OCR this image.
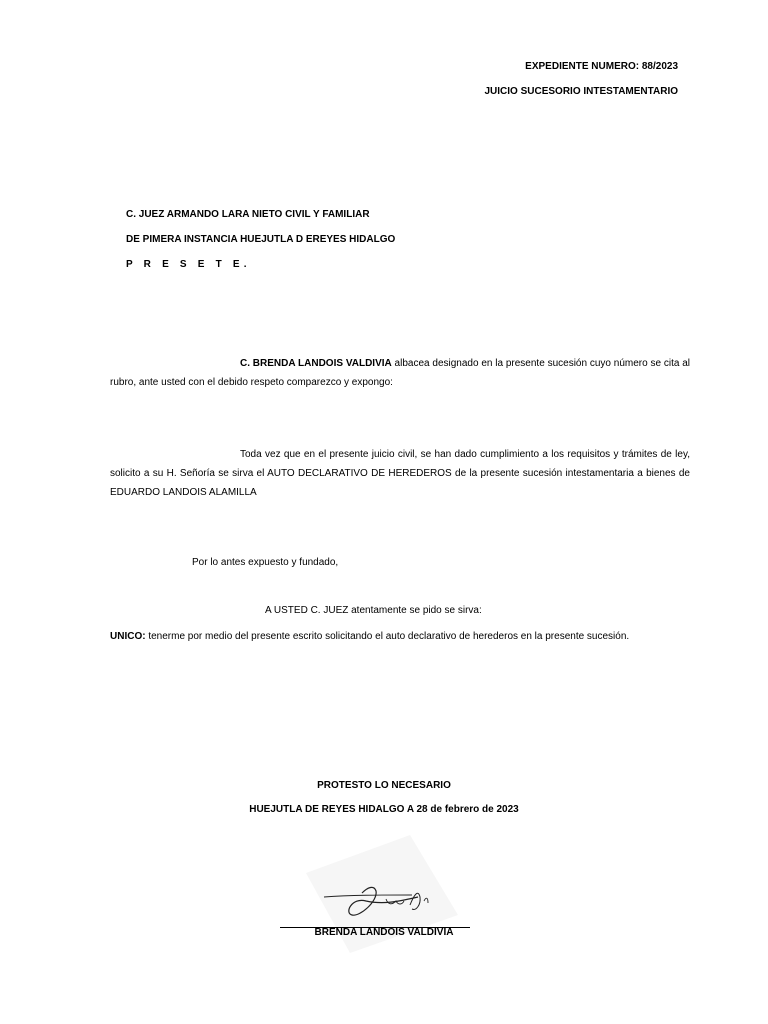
EXPEDIENTE NUMERO: 88/2023
JUICIO SUCESORIO INTESTAMENTARIO
C. JUEZ ARMANDO LARA NIETO CIVIL Y FAMILIAR
DE PIMERA INSTANCIA HUEJUTLA D EREYES HIDALGO
P R E S E T E.
C. BRENDA LANDOIS VALDIVIA albacea designado en la presente sucesión cuyo número se cita al rubro, ante usted con el debido respeto comparezco y expongo:
Toda vez que en el presente juicio civil, se han dado cumplimiento a los requisitos y trámites de ley, solicito a su H. Señoría se sirva el AUTO DECLARATIVO DE HEREDEROS de la presente sucesión intestamentaria a bienes de EDUARDO LANDOIS ALAMILLA
Por lo antes expuesto y fundado,
A USTED C. JUEZ atentamente se pido se sirva:
UNICO: tenerme por medio del presente escrito solicitando el auto declarativo de herederos en la presente sucesión.
PROTESTO LO NECESARIO
HUEJUTLA DE REYES HIDALGO A 28 de febrero de 2023
BRENDA LANDOIS VALDIVIA
